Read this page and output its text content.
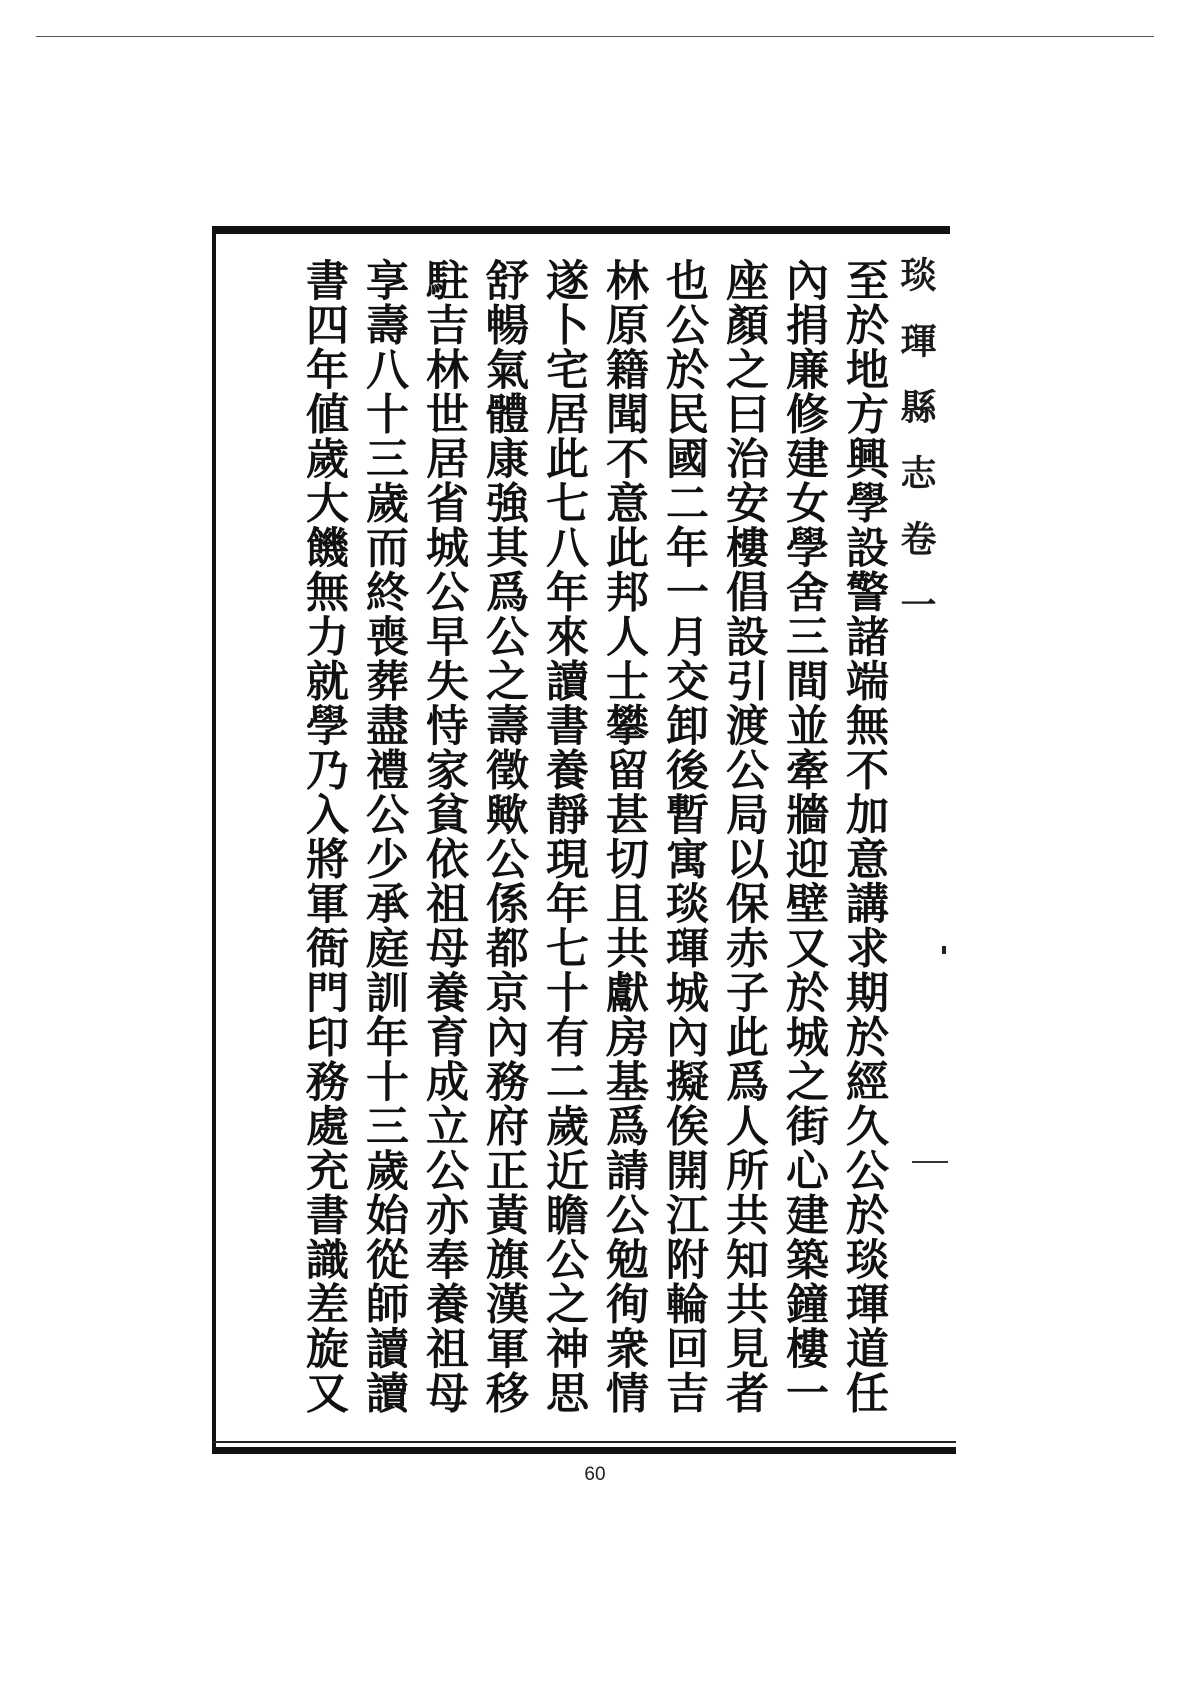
至於地方興學設警諸端無不加意講求期於經久公於琰琿道任
內捐廉修建女學舍三間並牽牆迎壁又於城之街心建築鐘樓一
座顏之曰治安樓倡設引渡公局以保赤子此爲人所共知共見者
也公於民國二年一月交卸後暫寓琰琿城內擬俟開江附輪回吉
林原籍聞不意此邦人士攀留甚切且共獻房基爲請公勉徇衆情
遂卜宅居此七八年來讀書養靜現年七十有二歲近瞻公之神思
舒暢氣體康強其爲公之壽徵歟公係都京內務府正黃旗漢軍移
駐吉林世居省城公早失恃家貧依祖母養育成立公亦奉養祖母
享壽八十三歲而終喪葬盡禮公少承庭訓年十三歲始從師讀讀
書四年値歲大饑無力就學乃入將軍衙門印務處充書識差旋又	琰琿縣志卷一
60
